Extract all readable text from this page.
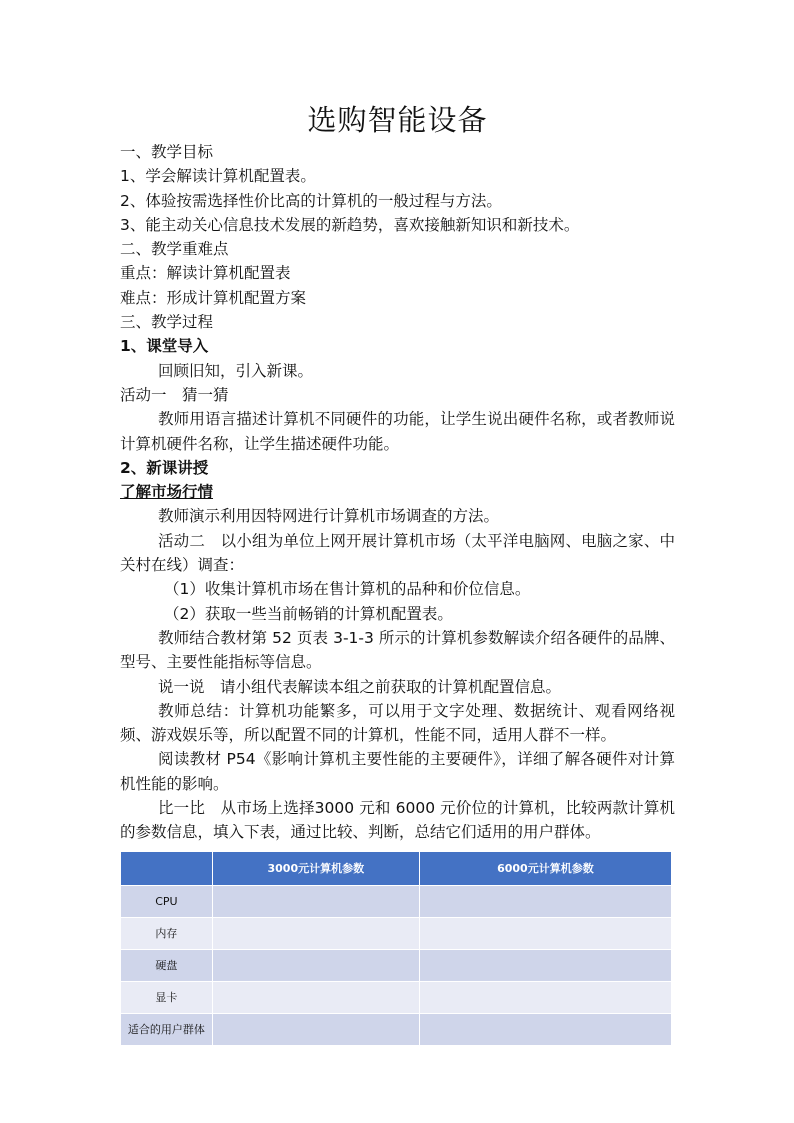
选购智能设备
一、教学目标
1、学会解读计算机配置表。
2、体验按需选择性价比高的计算机的一般过程与方法。
3、能主动关心信息技术发展的新趋势，喜欢接触新知识和新技术。
二、教学重难点
重点：解读计算机配置表
难点：形成计算机配置方案
三、教学过程
1、课堂导入
回顾旧知，引入新课。
活动一　猜一猜
教师用语言描述计算机不同硬件的功能，让学生说出硬件名称，或者教师说计算机硬件名称，让学生描述硬件功能。
2、新课讲授
了解市场行情
教师演示利用因特网进行计算机市场调查的方法。
活动二　以小组为单位上网开展计算机市场（太平洋电脑网、电脑之家、中关村在线）调查：
（1）收集计算机市场在售计算机的品种和价位信息。
（2）获取一些当前畅销的计算机配置表。
教师结合教材第 52 页表 3-1-3 所示的计算机参数解读介绍各硬件的品牌、型号、主要性能指标等信息。
说一说　请小组代表解读本组之前获取的计算机配置信息。
教师总结：计算机功能繁多，可以用于文字处理、数据统计、观看网络视频、游戏娱乐等，所以配置不同的计算机，性能不同，适用人群不一样。
阅读教材 P54《影响计算机主要性能的主要硬件》，详细了解各硬件对计算机性能的影响。
比一比　从市场上选择3000 元和 6000 元价位的计算机，比较两款计算机的参数信息，填入下表，通过比较、判断，总结它们适用的用户群体。
	3000元计算机参数	6000元计算机参数
CPU		
内存		
硬盘		
显卡		
适合的用户群体		
